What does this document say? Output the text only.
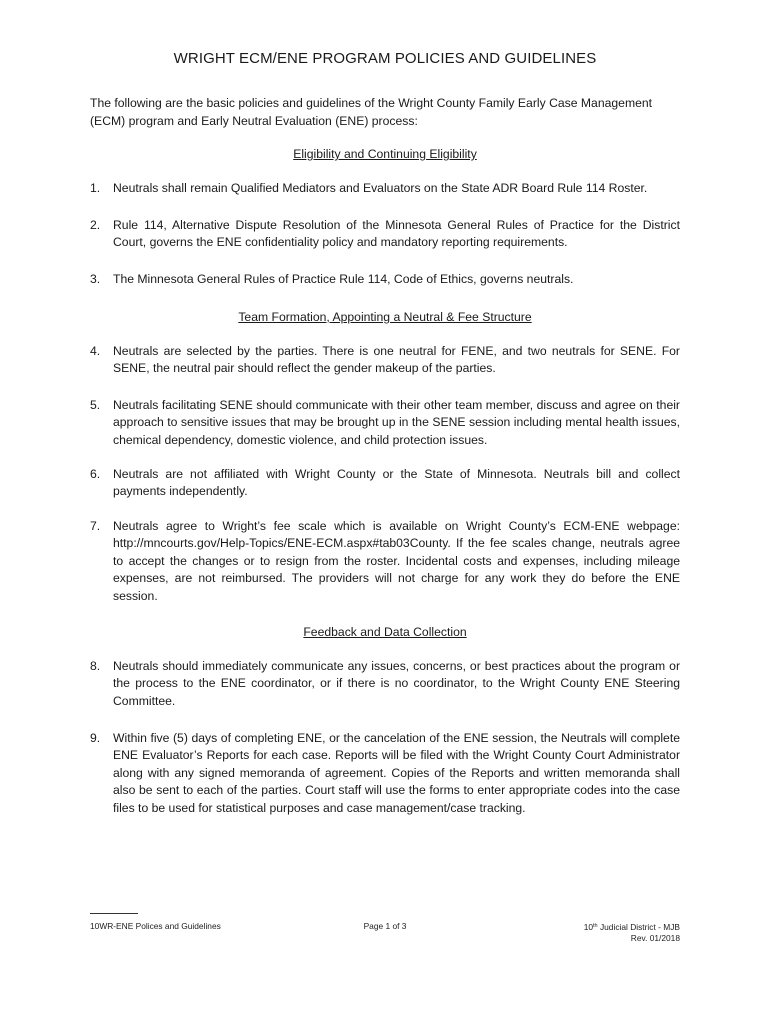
WRIGHT ECM/ENE PROGRAM POLICIES AND GUIDELINES
The following are the basic policies and guidelines of the Wright County Family Early Case Management (ECM) program and Early Neutral Evaluation (ENE) process:
Eligibility and Continuing Eligibility
1. Neutrals shall remain Qualified Mediators and Evaluators on the State ADR Board Rule 114 Roster.
2. Rule 114, Alternative Dispute Resolution of the Minnesota General Rules of Practice for the District Court, governs the ENE confidentiality policy and mandatory reporting requirements.
3. The Minnesota General Rules of Practice Rule 114, Code of Ethics, governs neutrals.
Team Formation, Appointing a Neutral & Fee Structure
4. Neutrals are selected by the parties. There is one neutral for FENE, and two neutrals for SENE. For SENE, the neutral pair should reflect the gender makeup of the parties.
5. Neutrals facilitating SENE should communicate with their other team member, discuss and agree on their approach to sensitive issues that may be brought up in the SENE session including mental health issues, chemical dependency, domestic violence, and child protection issues.
6. Neutrals are not affiliated with Wright County or the State of Minnesota. Neutrals bill and collect payments independently.
7. Neutrals agree to Wright’s fee scale which is available on Wright County’s ECM-ENE webpage: http://mncourts.gov/Help-Topics/ENE-ECM.aspx#tab03County. If the fee scales change, neutrals agree to accept the changes or to resign from the roster. Incidental costs and expenses, including mileage expenses, are not reimbursed. The providers will not charge for any work they do before the ENE session.
Feedback and Data Collection
8. Neutrals should immediately communicate any issues, concerns, or best practices about the program or the process to the ENE coordinator, or if there is no coordinator, to the Wright County ENE Steering Committee.
9. Within five (5) days of completing ENE, or the cancelation of the ENE session, the Neutrals will complete ENE Evaluator’s Reports for each case. Reports will be filed with the Wright County Court Administrator along with any signed memoranda of agreement. Copies of the Reports and written memoranda shall also be sent to each of the parties. Court staff will use the forms to enter appropriate codes into the case files to be used for statistical purposes and case management/case tracking.
10WR-ENE Polices and Guidelines	Page 1 of 3	10th Judicial District - MJB
Rev. 01/2018
